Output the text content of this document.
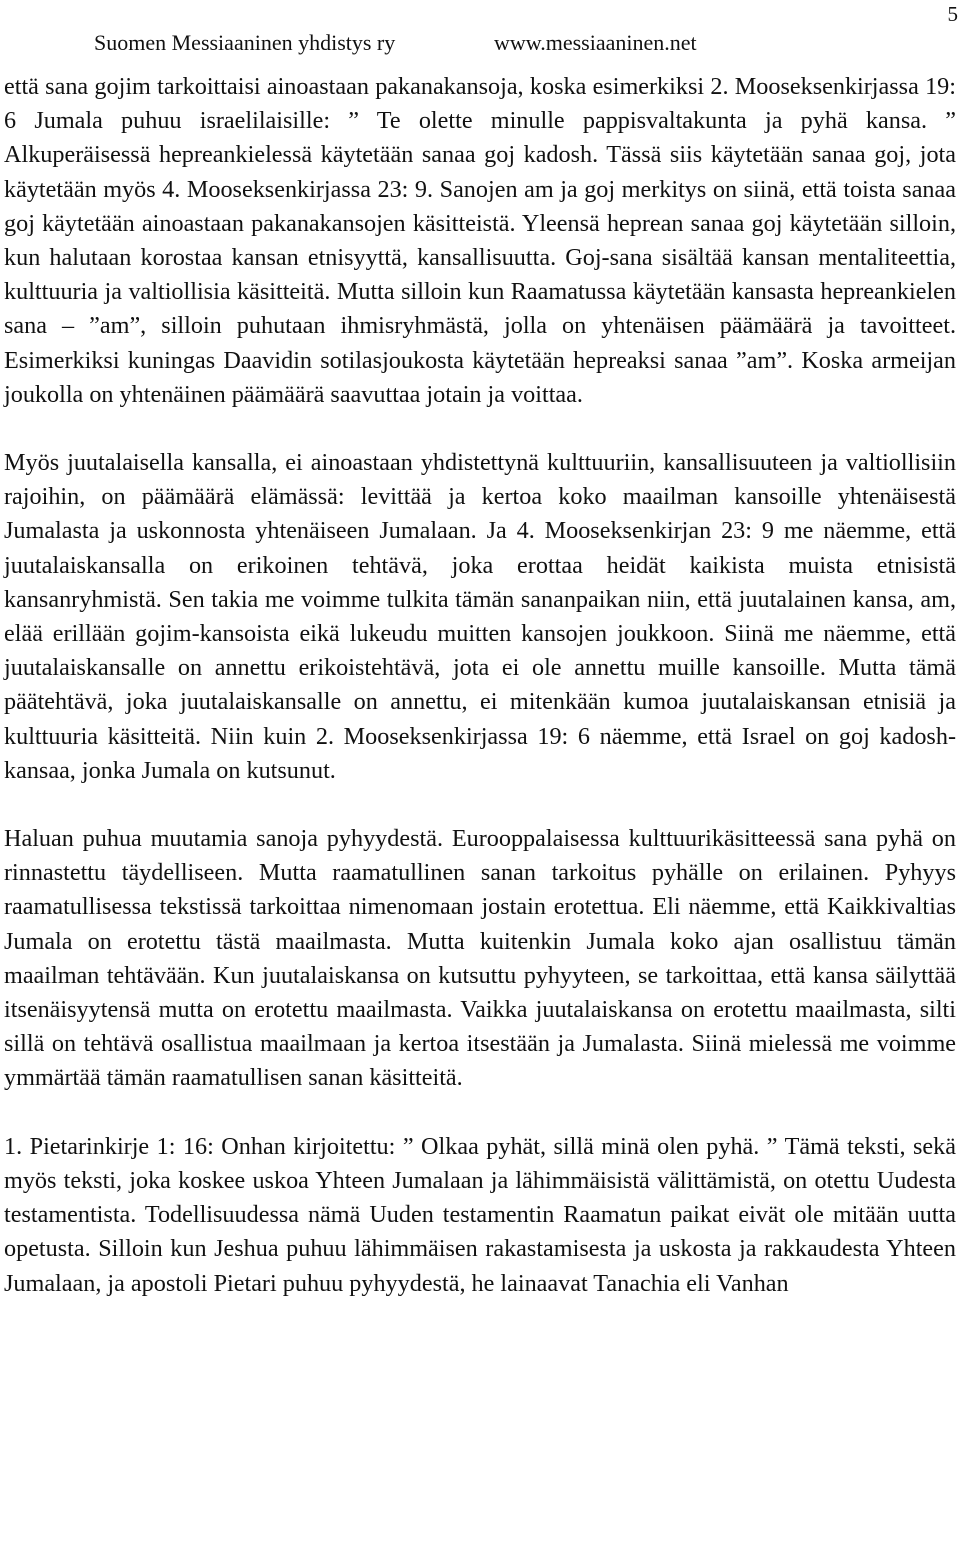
Suomen Messiaaninen yhdistys ry	www.messiaaninen.net
5

että sana gojim tarkoittaisi ainoastaan pakanakansoja, koska esimerkiksi 2. Mooseksenkirjassa 19: 6 Jumala puhuu israelilaisille: ” Te olette minulle pappisvaltakunta ja pyhä kansa. ” Alkuperäisessä hepreankielessä käytetään sanaa goj kadosh. Tässä siis käytetään sanaa goj, jota käytetään myös 4. Mooseksenkirjassa 23: 9. Sanojen am ja goj merkitys on siinä, että toista sanaa goj käytetään ainoastaan pakanakansojen käsitteistä. Yleensä heprean sanaa goj käytetään silloin, kun halutaan korostaa kansan etnisyyttä, kansallisuutta. Goj-sana sisältää kansan mentaliteettia, kulttuuria ja valtiollisia käsitteitä. Mutta silloin kun Raamatussa käytetään kansasta hepreankielen sana – ”am”, silloin puhutaan ihmisryhmästä, jolla on yhtenäisen päämäärä ja tavoitteet. Esimerkiksi kuningas Daavidin sotilasjoukosta käytetään hepreaksi sanaa ”am”. Koska armeijan joukolla on yhtenäinen päämäärä saavuttaa jotain ja voittaa.

Myös juutalaisella kansalla, ei ainoastaan yhdistettynä kulttuuriin, kansallisuuteen ja valtiollisiin rajoihin, on päämäärä elämässä: levittää ja kertoa koko maailman kansoille yhtenäisestä Jumalasta ja uskonnosta yhtenäiseen Jumalaan. Ja 4. Mooseksenkirjan 23: 9 me näemme, että juutalaiskansalla on erikoinen tehtävä, joka erottaa heidät kaikista muista etnisistä kansanryhmistä. Sen takia me voimme tulkita tämän sananpaikan niin, että juutalainen kansa, am, elää erillään gojim-kansoista eikä lukeudu muitten kansojen joukkoon. Siinä me näemme, että juutalaiskansalle on annettu erikoistehtävä, jota ei ole annettu muille kansoille. Mutta tämä päätehtävä, joka juutalaiskansalle on annettu, ei mitenkään kumoa juutalaiskansan etnisiä ja kulttuuria käsitteitä. Niin kuin 2. Mooseksenkirjassa 19: 6 näemme, että Israel on goj kadosh-kansaa, jonka Jumala on kutsunut.

Haluan puhua muutamia sanoja pyhyydestä. Eurooppalaisessa kulttuurikäsitteessä sana pyhä on rinnastettu täydelliseen. Mutta raamatullinen sanan tarkoitus pyhälle on erilainen. Pyhyys raamatullisessa tekstissä tarkoittaa nimenomaan jostain erotettua. Eli näemme, että Kaikkivaltias Jumala on erotettu tästä maailmasta. Mutta kuitenkin Jumala koko ajan osallistuu tämän maailman tehtävään. Kun juutalaiskansa on kutsuttu pyhyyteen, se tarkoittaa, että kansa säilyttää itsenäisyytensä mutta on erotettu maailmasta. Vaikka juutalaiskansa on erotettu maailmasta, silti sillä on tehtävä osallistua maailmaan ja kertoa itsestään ja Jumalasta. Siinä mielessä me voimme ymmärtää tämän raamatullisen sanan käsitteitä.

1. Pietarinkirje 1: 16: Onhan kirjoitettu: ” Olkaa pyhät, sillä minä olen pyhä. ” Tämä teksti, sekä myös teksti, joka koskee uskoa Yhteen Jumalaan ja lähimmäisistä välittämistä, on otettu Uudesta testamentista. Todellisuudessa nämä Uuden testamentin Raamatun paikat eivät ole mitään uutta opetusta. Silloin kun Jeshua puhuu lähimmäisen rakastamisesta ja uskosta ja rakkaudesta Yhteen Jumalaan, ja apostoli Pietari puhuu pyhyydestä, he lainaavat Tanachia eli Vanhan
